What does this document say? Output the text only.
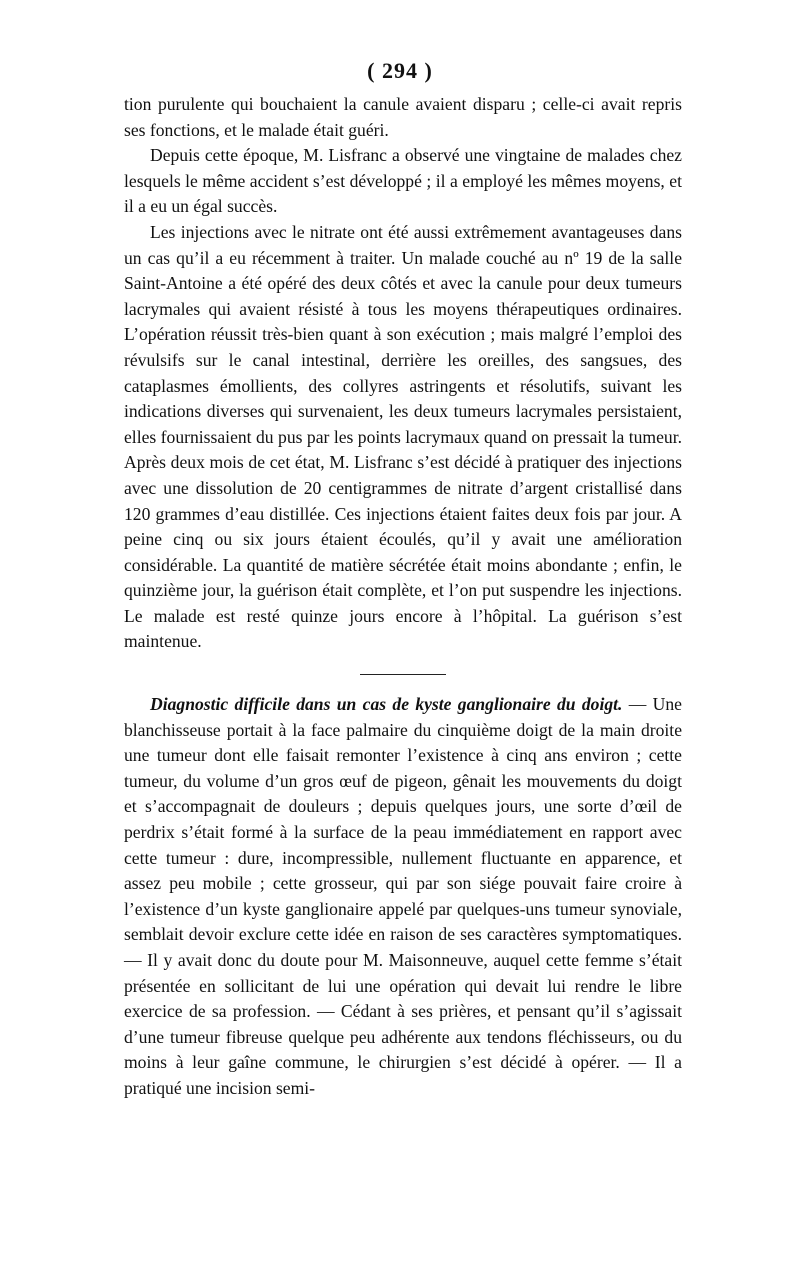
( 294 )

tion purulente qui bouchaient la canule avaient disparu ; celle-ci avait repris ses fonctions, et le malade était guéri.

Depuis cette époque, M. Lisfranc a observé une vingtaine de malades chez lesquels le même accident s’est développé ; il a employé les mêmes moyens, et il a eu un égal succès.

Les injections avec le nitrate ont été aussi extrêmement avantageuses dans un cas qu’il a eu récemment à traiter. Un malade couché au nº 19 de la salle Saint-Antoine a été opéré des deux côtés et avec la canule pour deux tumeurs lacrymales qui avaient résisté à tous les moyens thérapeutiques ordinaires. L’opération réussit très-bien quant à son exécution ; mais malgré l’emploi des révulsifs sur le canal intestinal, derrière les oreilles, des sangsues, des cataplasmes émollients, des collyres astringents et résolutifs, suivant les indications diverses qui survenaient, les deux tumeurs lacrymales persistaient, elles fournissaient du pus par les points lacrymaux quand on pressait la tumeur. Après deux mois de cet état, M. Lisfranc s’est décidé à pratiquer des injections avec une dissolution de 20 centigrammes de nitrate d’argent cristallisé dans 120 grammes d’eau distillée. Ces injections étaient faites deux fois par jour. A peine cinq ou six jours étaient écoulés, qu’il y avait une amélioration considérable. La quantité de matière sécrétée était moins abondante ; enfin, le quinzième jour, la guérison était complète, et l’on put suspendre les injections. Le malade est resté quinze jours encore à l’hôpital. La guérison s’est maintenue.

Diagnostic difficile dans un cas de kyste ganglionaire du doigt. — Une blanchisseuse portait à la face palmaire du cinquième doigt de la main droite une tumeur dont elle faisait remonter l’existence à cinq ans environ ; cette tumeur, du volume d’un gros œuf de pigeon, gênait les mouvements du doigt et s’accompagnait de douleurs ; depuis quelques jours, une sorte d’œil de perdrix s’était formé à la surface de la peau immédiatement en rapport avec cette tumeur : dure, incompressible, nullement fluctuante en apparence, et assez peu mobile ; cette grosseur, qui par son siége pouvait faire croire à l’existence d’un kyste ganglionaire appelé par quelques-uns tumeur synoviale, semblait devoir exclure cette idée en raison de ses caractères symptomatiques. — Il y avait donc du doute pour M. Maisonneuve, auquel cette femme s’était présentée en sollicitant de lui une opération qui devait lui rendre le libre exercice de sa profession. — Cédant à ses prières, et pensant qu’il s’agissait d’une tumeur fibreuse quelque peu adhérente aux tendons fléchisseurs, ou du moins à leur gaîne commune, le chirurgien s’est décidé à opérer. — Il a pratiqué une incision semi-
